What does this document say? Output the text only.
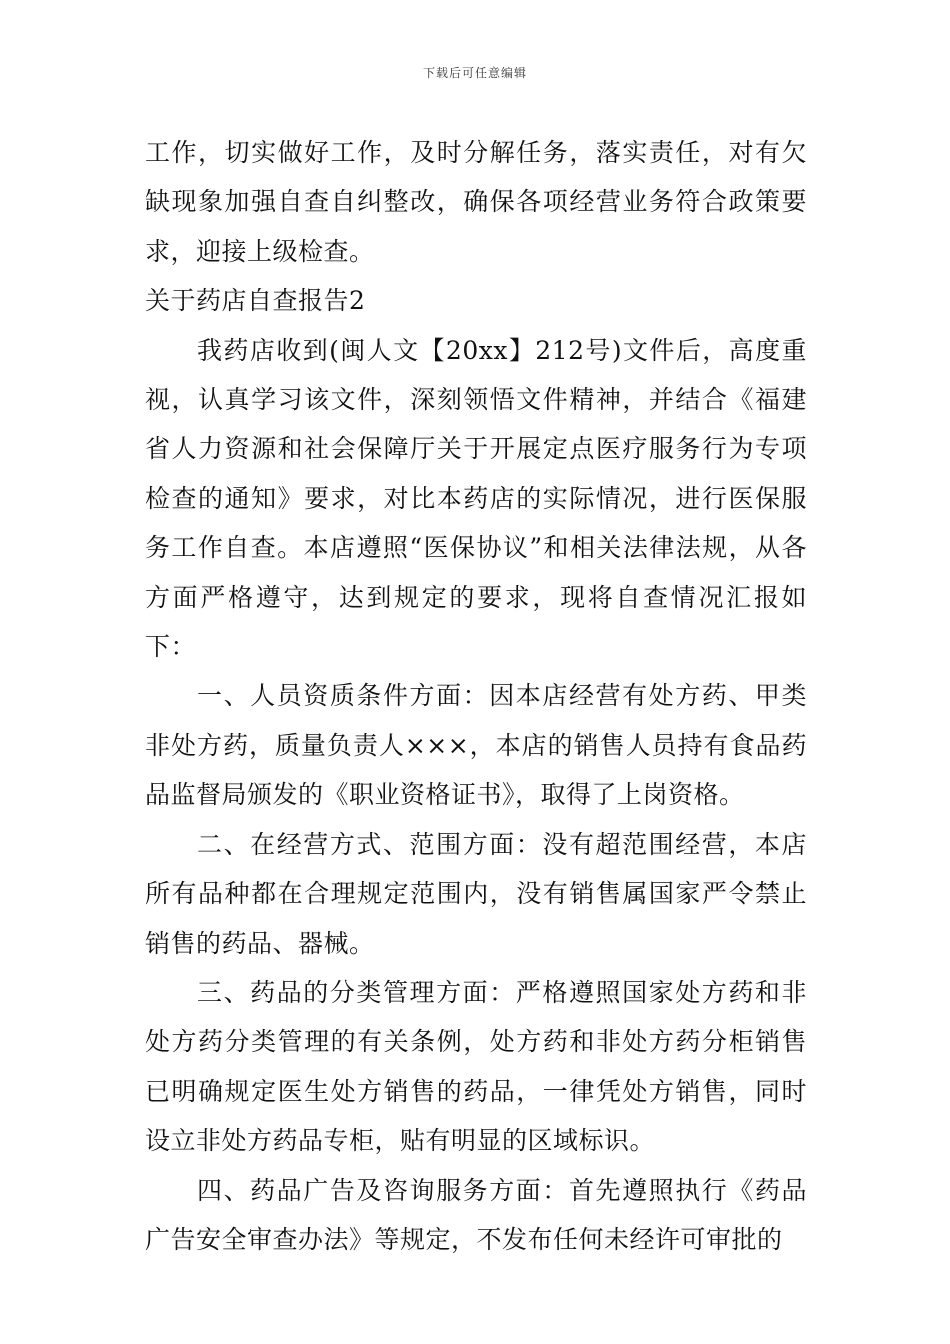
下载后可任意编辑

工作，切实做好工作，及时分解任务，落实责任，对有欠缺现象加强自查自纠整改，确保各项经营业务符合政策要求，迎接上级检查。

关于药店自查报告2

我药店收到(闽人文【20xx】212号)文件后，高度重视，认真学习该文件，深刻领悟文件精神，并结合《福建省人力资源和社会保障厅关于开展定点医疗服务行为专项检查的通知》要求，对比本药店的实际情况，进行医保服务工作自查。本店遵照“医保协议”和相关法律法规，从各方面严格遵守，达到规定的要求，现将自查情况汇报如下：

一、人员资质条件方面：因本店经营有处方药、甲类非处方药，质量负责人×××，本店的销售人员持有食品药品监督局颁发的《职业资格证书》，取得了上岗资格。

二、在经营方式、范围方面：没有超范围经营，本店所有品种都在合理规定范围内，没有销售属国家严令禁止销售的药品、器械。

三、药品的分类管理方面：严格遵照国家处方药和非处方药分类管理的有关条例，处方药和非处方药分柜销售已明确规定医生处方销售的药品，一律凭处方销售，同时设立非处方药品专柜，贴有明显的区域标识。

四、药品广告及咨询服务方面：首先遵照执行《药品广告安全审查办法》等规定，不发布任何未经许可审批的
